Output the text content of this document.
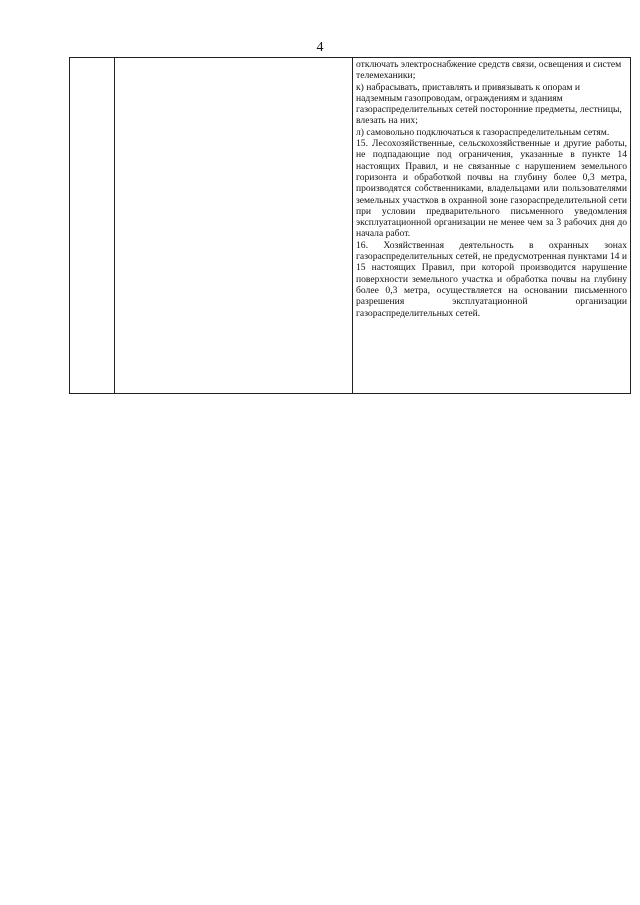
4

отключать электроснабжение средств связи, освещения и систем телемеханики;

к) набрасывать, приставлять и привязывать к опорам и надземным газопроводам, ограждениям и зданиям газораспределительных сетей посторонние предметы, лестницы, влезать на них;

л) самовольно подключаться к газораспределительным сетям.

15. Лесохозяйственные, сельскохозяйственные и другие работы, не подпадающие под ограничения, указанные в пункте 14 настоящих Правил, и не связанные с нарушением земельного горизонта и обработкой почвы на глубину более 0,3 метра, производятся собственниками, владельцами или пользователями земельных участков в охранной зоне газораспределительной сети при условии предварительного письменного уведомления эксплуатационной организации не менее чем за 3 рабочих дня до начала работ.

16. Хозяйственная деятельность в охранных зонах газораспределительных сетей, не предусмотренная пунктами 14 и 15 настоящих Правил, при которой производится нарушение поверхности земельного участка и обработка почвы на глубину более 0,3 метра, осуществляется на основании письменного разрешения эксплуатационной организации газораспределительных сетей.
